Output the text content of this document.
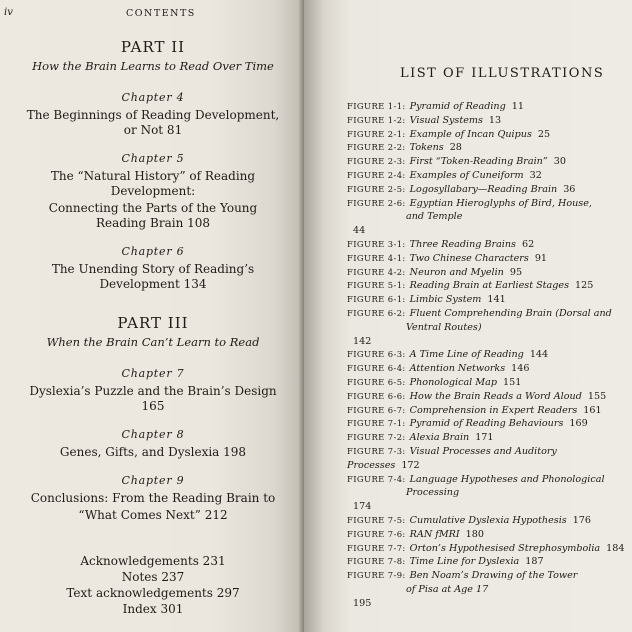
iv	CONTENTS
PART II
How the Brain Learns to Read Over Time
Chapter 4
The Beginnings of Reading Development, or Not 81
Chapter 5
The “Natural History” of Reading Development:
Connecting the Parts of the Young Reading Brain 108
Chapter 6
The Unending Story of Reading’s Development 134
PART III
When the Brain Can’t Learn to Read
Chapter 7
Dyslexia’s Puzzle and the Brain’s Design 165
Chapter 8
Genes, Gifts, and Dyslexia 198
Chapter 9
Conclusions: From the Reading Brain to
“What Comes Next” 212
Acknowledgements 231
Notes 237
Text acknowledgements 297
Index 301
LIST OF ILLUSTRATIONS
FIGURE 1-1: Pyramid of Reading 11
FIGURE 1-2: Visual Systems 13
FIGURE 2-1: Example of Incan Quipus 25
FIGURE 2-2: Tokens 28
FIGURE 2-3: First “Token-Reading Brain” 30
FIGURE 2-4: Examples of Cuneiform 32
FIGURE 2-5: Logosyllabary—Reading Brain 36
FIGURE 2-6: Egyptian Hieroglyphs of Bird, House,
and Temple
44
FIGURE 3-1: Three Reading Brains 62
FIGURE 4-1: Two Chinese Characters 91
FIGURE 4-2: Neuron and Myelin 95
FIGURE 5-1: Reading Brain at Earliest Stages 125
FIGURE 6-1: Limbic System 141
FIGURE 6-2: Fluent Comprehending Brain (Dorsal and
Ventral Routes)
142
FIGURE 6-3: A Time Line of Reading 144
FIGURE 6-4: Attention Networks 146
FIGURE 6-5: Phonological Map 151
FIGURE 6-6: How the Brain Reads a Word Aloud 155
FIGURE 6-7: Comprehension in Expert Readers 161
FIGURE 7-1: Pyramid of Reading Behaviours 169
FIGURE 7-2: Alexia Brain 171
FIGURE 7-3: Visual Processes and Auditory Processes 172
FIGURE 7-4: Language Hypotheses and Phonological
Processing
174
FIGURE 7-5: Cumulative Dyslexia Hypothesis 176
FIGURE 7-6: RAN fMRI 180
FIGURE 7-7: Orton’s Hypothesised Strephosymbolia 184
FIGURE 7-8: Time Line for Dyslexia 187
FIGURE 7-9: Ben Noam’s Drawing of the Tower
of Pisa at Age 17
195
